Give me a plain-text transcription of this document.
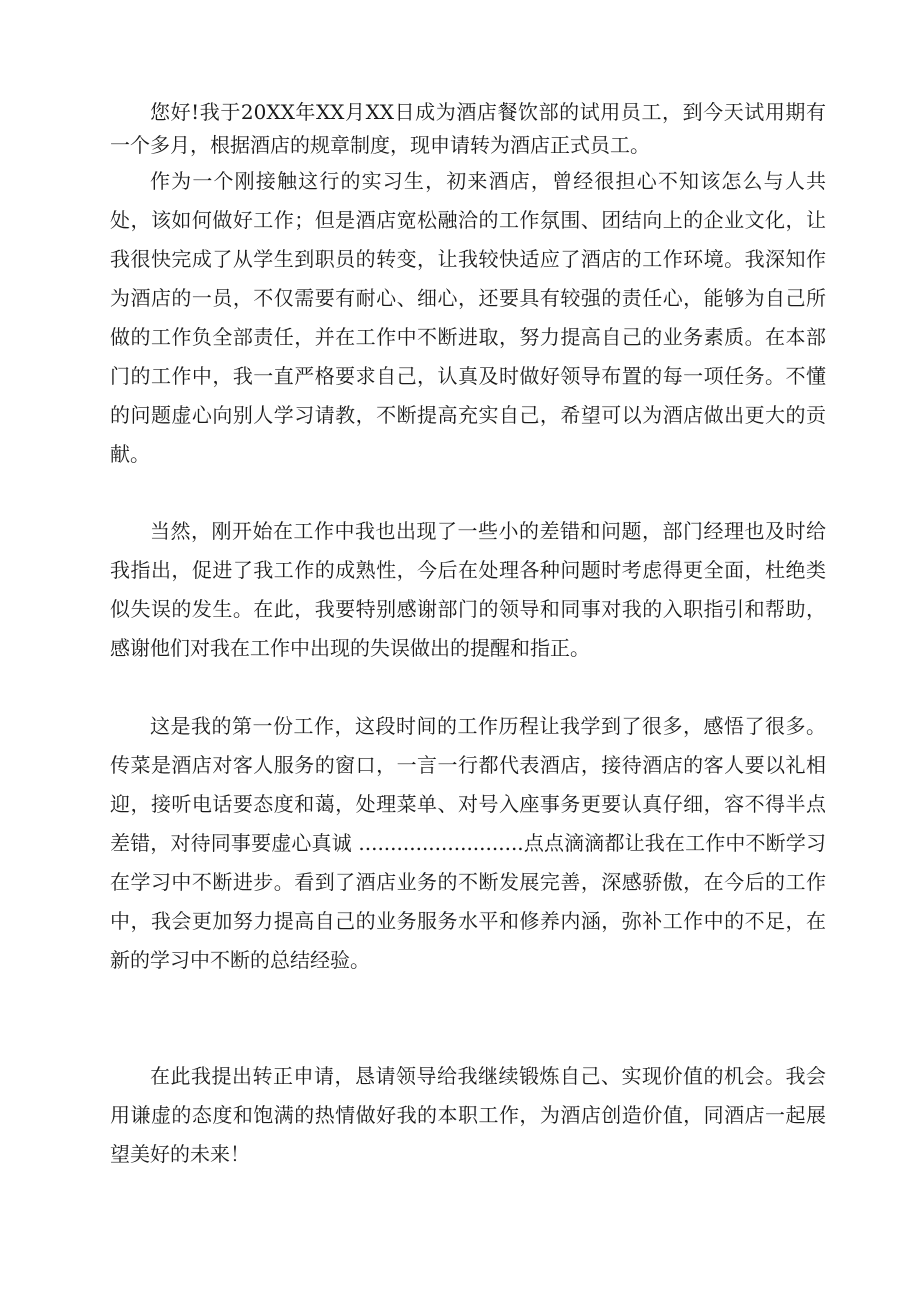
您好!我于20XX年XX月XX日成为酒店餐饮部的试用员工，到今天试用期有一个多月，根据酒店的规章制度，现申请转为酒店正式员工。

作为一个刚接触这行的实习生，初来酒店，曾经很担心不知该怎么与人共处，该如何做好工作；但是酒店宽松融洽的工作氛围、团结向上的企业文化，让我很快完成了从学生到职员的转变，让我较快适应了酒店的工作环境。我深知作为酒店的一员，不仅需要有耐心、细心，还要具有较强的责任心，能够为自己所做的工作负全部责任，并在工作中不断进取，努力提高自己的业务素质。在本部门的工作中，我一直严格要求自己，认真及时做好领导布置的每一项任务。不懂的问题虚心向别人学习请教，不断提高充实自己，希望可以为酒店做出更大的贡献。

当然，刚开始在工作中我也出现了一些小的差错和问题，部门经理也及时给我指出，促进了我工作的成熟性，今后在处理各种问题时考虑得更全面，杜绝类似失误的发生。在此，我要特别感谢部门的领导和同事对我的入职指引和帮助，感谢他们对我在工作中出现的失误做出的提醒和指正。

这是我的第一份工作，这段时间的工作历程让我学到了很多，感悟了很多。传菜是酒店对客人服务的窗口，一言一行都代表酒店，接待酒店的客人要以礼相迎，接听电话要态度和蔼，处理菜单、对号入座事务更要认真仔细，容不得半点差错，对待同事要虚心真诚 ..........................点点滴滴都让我在工作中不断学习在学习中不断进步。看到了酒店业务的不断发展完善，深感骄傲，在今后的工作中，我会更加努力提高自己的业务服务水平和修养内涵，弥补工作中的不足，在新的学习中不断的总结经验。

在此我提出转正申请，恳请领导给我继续锻炼自己、实现价值的机会。我会用谦虚的态度和饱满的热情做好我的本职工作，为酒店创造价值，同酒店一起展望美好的未来！
